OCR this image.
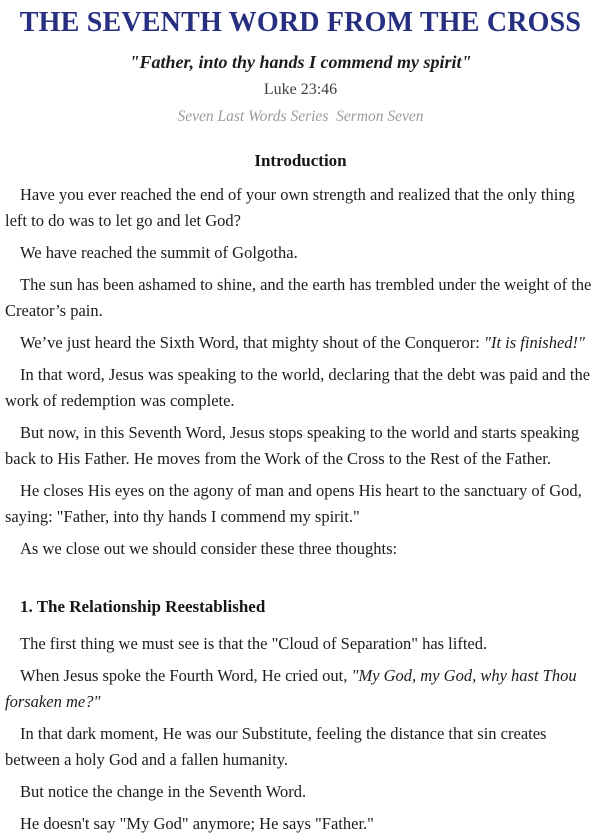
THE SEVENTH WORD FROM THE CROSS

"Father, into thy hands I commend my spirit"

Luke 23:46

Seven Last Words Series  Sermon Seven

Introduction

Have you ever reached the end of your own strength and realized that the only thing left to do was to let go and let God?

We have reached the summit of Golgotha.

The sun has been ashamed to shine, and the earth has trembled under the weight of the Creator’s pain.

We’ve just heard the Sixth Word, that mighty shout of the Conqueror: "It is finished!"

In that word, Jesus was speaking to the world, declaring that the debt was paid and the work of redemption was complete.

But now, in this Seventh Word, Jesus stops speaking to the world and starts speaking back to His Father. He moves from the Work of the Cross to the Rest of the Father.

He closes His eyes on the agony of man and opens His heart to the sanctuary of God, saying: "Father, into thy hands I commend my spirit."

As we close out we should consider these three thoughts:

1. The Relationship Reestablished

The first thing we must see is that the "Cloud of Separation" has lifted.

When Jesus spoke the Fourth Word, He cried out, "My God, my God, why hast Thou forsaken me?"

In that dark moment, He was our Substitute, feeling the distance that sin creates between a holy God and a fallen humanity.

But notice the change in the Seventh Word.

He doesn't say "My God" anymore; He says "Father."
